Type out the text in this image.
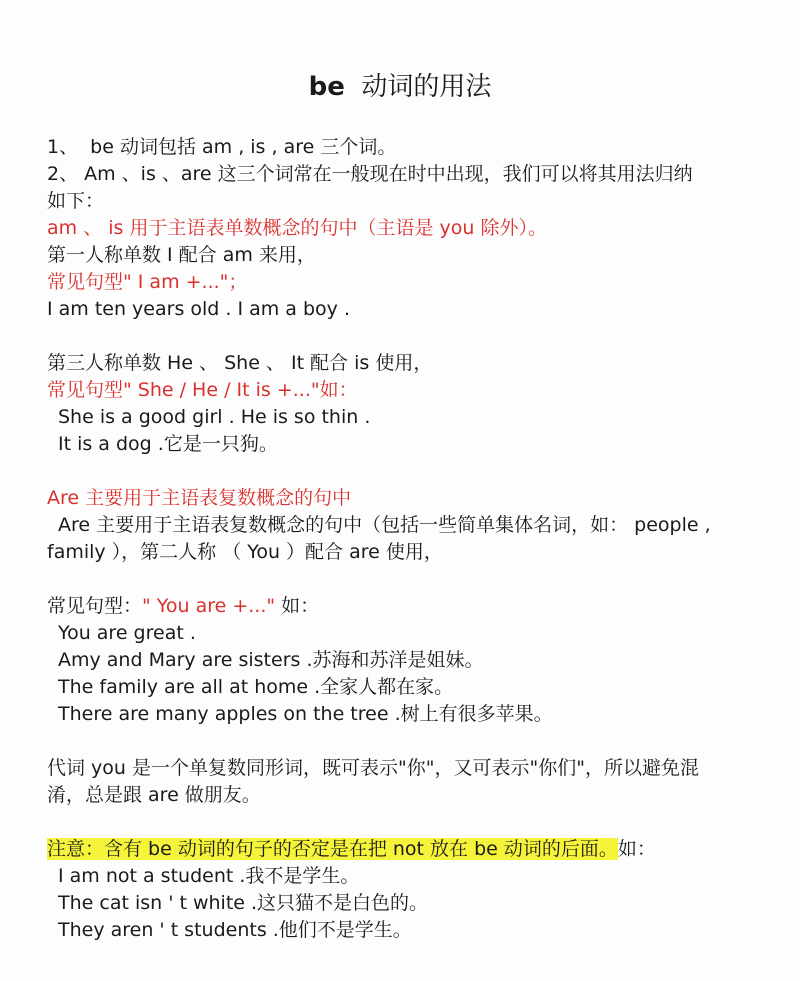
be 动词的用法
1、  be 动词包括 am , is , are 三个词。
2、 Am 、is 、are 这三个词常在一般现在时中出现，我们可以将其用法归纳
如下：
am 、 is 用于主语表单数概念的句中（主语是 you 除外）。
第一人称单数 I 配合 am 来用，
常见句型" I am +..."；
I am ten years old . I am a boy .
第三人称单数 He 、 She 、 It 配合 is 使用，
常见句型" She / He / It is +..."如：
She is a good girl . He is so thin .
It is a dog .它是一只狗。
Are 主要用于主语表复数概念的句中
Are 主要用于主语表复数概念的句中（包括一些简单集体名词，如： people ,
family ），第二人称 （ You ）配合 are 使用，
常见句型：" You are +..." 如：
You are great .
Amy and Mary are sisters .苏海和苏洋是姐妹。
The family are all at home .全家人都在家。
There are many apples on the tree .树上有很多苹果。
代词 you 是一个单复数同形词，既可表示"你"，又可表示"你们"，所以避免混
淆，总是跟 are 做朋友。
注意：含有 be 动词的句子的否定是在把 not 放在 be 动词的后面。如：
I am not a student .我不是学生。
The cat isn ' t white .这只猫不是白色的。
They aren ' t students .他们不是学生。
